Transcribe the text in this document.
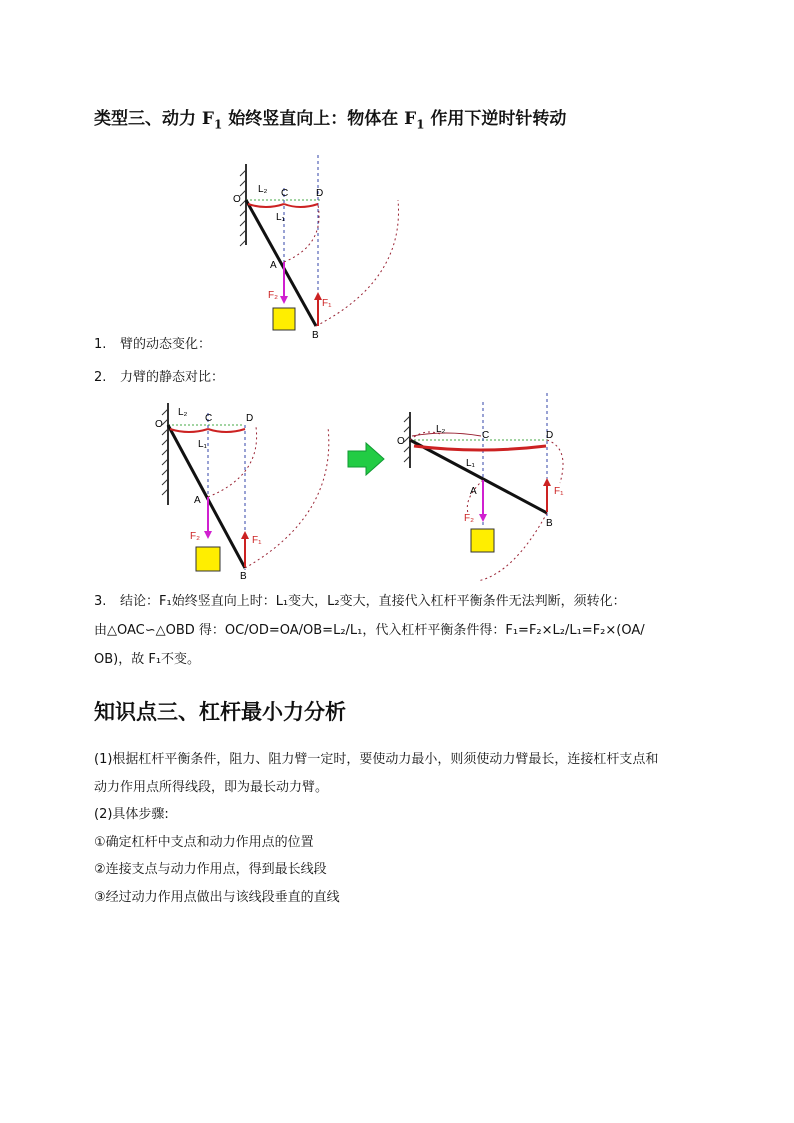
类型三、动力 $F_1$ 始终竖直向上：物体在 $F_1$ 作用下逆时针转动
O
L₂ C	D
L₁
A
F₂
F₁
B
1. 臂的动态变化：
2. 力臂的静态对比：
O
L₂
C	D
L₁
A
F₂	F₁
B
O
L₂
C	D
L₁
A
F₂
F₁
B
3. 结论：F₁始终竖直向上时：L₁变大，L₂变大，直接代入杠杆平衡条件无法判断，须转化：
由△OAC∽△OBD 得：OC/OD=OA/OB=L₂/L₁，代入杠杆平衡条件得：F₁=F₂×L₂/L₁=F₂×(OA/
OB)，故 F₁不变。
知识点三、杠杆最小力分析
(1)根据杠杆平衡条件，阻力、阻力臂一定时，要使动力最小，则须使动力臂最长，连接杠杆支点和
动力作用点所得线段，即为最长动力臂。
(2)具体步骤:
①确定杠杆中支点和动力作用点的位置
②连接支点与动力作用点，得到最长线段
③经过动力作用点做出与该线段垂直的直线
